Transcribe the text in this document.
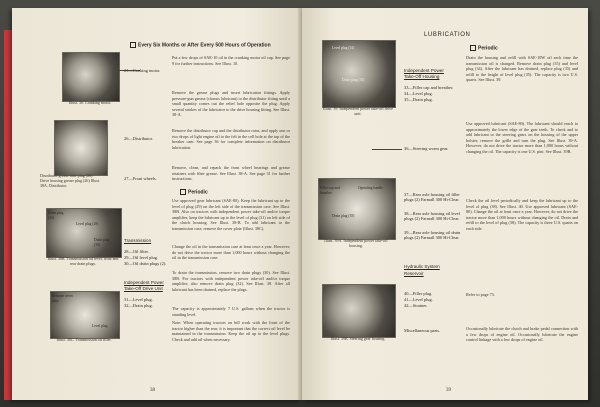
Every Six Months or After Every 500 Hours of Operation
Illust. 38. Cranking motor.
21—Cooking motor.
Put a few drops of SAE-10 oil in the cranking motor oil cup. See page 9 for further instructions. See Illust. 10.
Distributor grease tube plug (26) Drive housing grease plug (26) Illust. 38A. Distributor.
26—Distributor.
Remove the grease plugs and insert lubrication fittings. Apply pressure-gun grease (chassis lubricant) to the distributor fitting until a small quantity comes out the relief hole opposite the plug. Apply several strokes of the lubricator to the drive housing fitting. See Illust. 38-A.
Remove the distributor cap and the distributor rotor, and apply one or two drops of light engine oil to the felt in the cell hole at the top of the breaker cam. See page 36 for complete information on distributor lubrication.
27—Front wheels.
Remove, clean, and repack the front wheel bearings and grease retainers with fiber grease. See Illust. 38-A. See page 31 for further instructions.
Periodic
Use approved gear lubricant (SAE-80). Keep the lubricant up to the level of plug (29) on the left side of the transmission case. See Illust. 38B. Also on tractors with independent power take-off and/or torque amplifier, keep the lubricant up to the level of plug (31) on left side of the clutch housing. See Illust. 38-B. To add lubricant to the transmission case, remove the cover plate (Illust. 38C).
Change the oil in the transmission case at least once a year. However, do not drive the tractor more than 1,000 hours without changing the oil in the transmission case.
To drain the transmission, remove two drain plugs (30). See Illust. 38B. For tractors with independent power take-off and/or torque amplifier, also remove drain plug (32). See Illust. 38. After all lubricant has been drained, replace the plugs.
The capacity is approximately 7 U.S. gallons when the tractor is standing level.
Note: When operating tractors on hill work with the front of the tractor higher than the rear, it is important that the correct oil level be maintained in the transmission. Keep the oil up to the level plugs. Check and add oil when necessary.
Drain plug (30)
Level plug (29)
Drain plug (30)
Illust. 38B. Transmission oil level, front and rear drain plugs.
Transmission
28—Oil filter.
29—Oil level plug.
30—Oil drain plugs (2).
Independent Power Take-Off Drive Unit
31—Level plug.
32—Drain plug.
Remove cover plate
Level plug
Illust. 38C. Transmission oil filler.
38
LUBRICATION
Periodic
Level plug (34)
Drain plug (35)
Illust. 39. Independent power take-off drive unit.
Independent Power Take-Off Housing
33—Filler cap and breather.
34—Level plug.
35—Drain plug.
Drain the housing and refill with SAE-10W oil each time the transmission oil is changed. Remove drain plug (35) and level plug (34). After the lubricant has drained, replace plug (35) and refill to the height of level plug (35). The capacity is two U.S. quarts. See Illust. 39.
36—Steering worm gear.
Use approved lubricant (SAE-80). The lubricant should reach to approximately the lower edge of the gear teeth. To check and to add lubricant to the steering gears on the housing of the upper bolster, remove the grille and turn the plug. See Illust. 39-A. However, do not drive the tractor more than 1,000 hours without changing the oil. The capacity is one U.S. pint. See Illust. 39B.
Filler cap and breather
Operating handle
Drain plug (35)
Illust. 39A. Independent power take-off housing.
37—Rear axle housing oil filler plugs (2) Farmall 300 Hi-Clear.
38—Rear axle housing oil level plugs (2) Farmall 300 Hi-Clear.
39—Rear axle housing oil drain plugs (2) Farmall 300 Hi-Clear.
Check the oil level periodically and keep the lubricant up to the level of plug (38). See Illust. 40. Use approved lubricant (SAE-80). Change the oil at least once a year. However, do not drive the tractor more than 1,000 hours without changing the oil. Drain and refill to the level of plug (38). The capacity is three U.S. quarts on each side.
Hydraulic System
Reservoir
40—Filler plug.
41—Level plug.
42—Strainer.
Refer to page 73.
Illust. 39B. Steering gear housing.
Miscellaneous parts.	Occasionally lubricate the clutch and brake pedal connection with a few drops of engine oil. Occasionally lubricate the engine control linkage with a few drops of engine oil.
39
